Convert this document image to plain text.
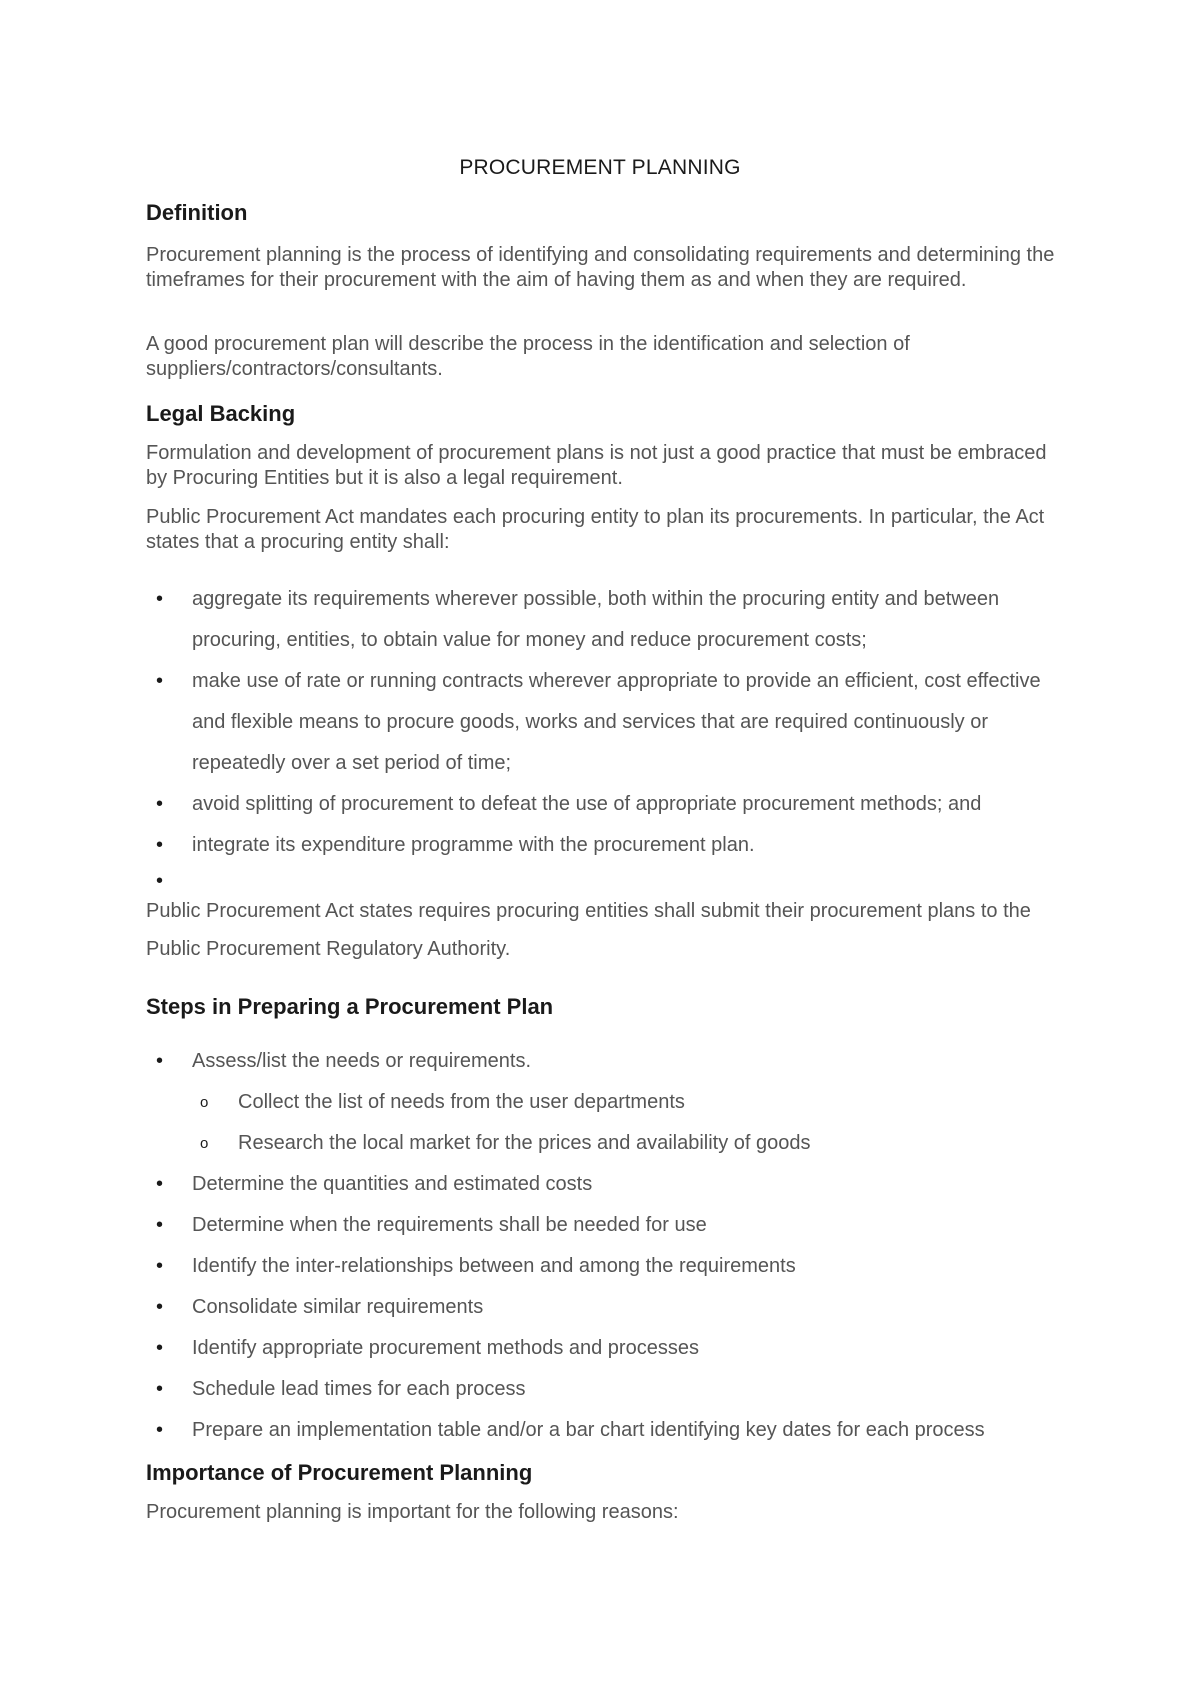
PROCUREMENT PLANNING
Definition
Procurement planning is the process of identifying and consolidating requirements and determining the timeframes for their procurement with the aim of having them as and when they are required.
A good procurement plan will describe the process in the identification and selection of suppliers/contractors/consultants.
Legal Backing
Formulation and development of procurement plans is not just a good practice that must be embraced by Procuring Entities but it is also a legal requirement.
Public Procurement Act mandates each procuring entity to plan its procurements. In particular, the Act states that a procuring entity shall:
• aggregate its requirements wherever possible, both within the procuring entity and between procuring, entities, to obtain value for money and reduce procurement costs;
• make use of rate or running contracts wherever appropriate to provide an efficient, cost effective and flexible means to procure goods, works and services that are required continuously or repeatedly over a set period of time;
• avoid splitting of procurement to defeat the use of appropriate procurement methods; and
• integrate its expenditure programme with the procurement plan.
•
Public Procurement Act states requires procuring entities shall submit their procurement plans to the Public Procurement Regulatory Authority.
Steps in Preparing a Procurement Plan
• Assess/list the needs or requirements.
o Collect the list of needs from the user departments
o Research the local market for the prices and availability of goods
• Determine the quantities and estimated costs
• Determine when the requirements shall be needed for use
• Identify the inter-relationships between and among the requirements
• Consolidate similar requirements
• Identify appropriate procurement methods and processes
• Schedule lead times for each process
• Prepare an implementation table and/or a bar chart identifying key dates for each process
Importance of Procurement Planning
Procurement planning is important for the following reasons:
